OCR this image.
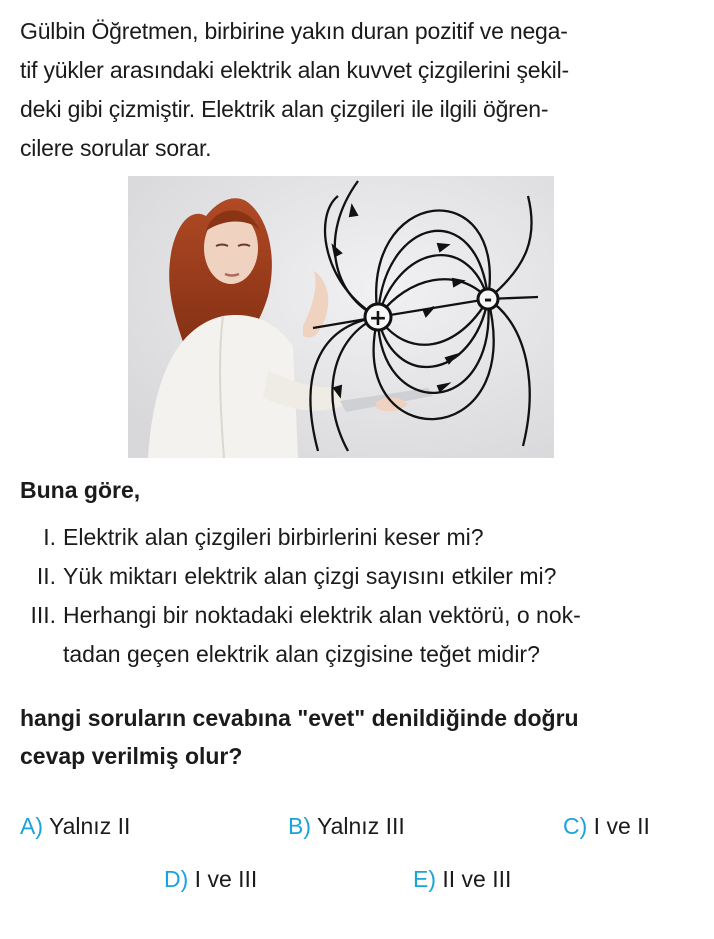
Gülbin Öğretmen, birbirine yakın duran pozitif ve nega-
tif yükler arasındaki elektrik alan kuvvet çizgilerini şekil-
deki gibi çizmiştir. Elektrik alan çizgileri ile ilgili öğren-
cilere sorular sorar.
+
-
Buna göre,
I. Elektrik alan çizgileri birbirlerini keser mi?
II. Yük miktarı elektrik alan çizgi sayısını etkiler mi?
III. Herhangi bir noktadaki elektrik alan vektörü, o nok-
tadan geçen elektrik alan çizgisine teğet midir?
hangi soruların cevabına "evet" denildiğinde doğru
cevap verilmiş olur?
A) Yalnız II	B) Yalnız III	C) I ve II
D) I ve III	E) II ve III
